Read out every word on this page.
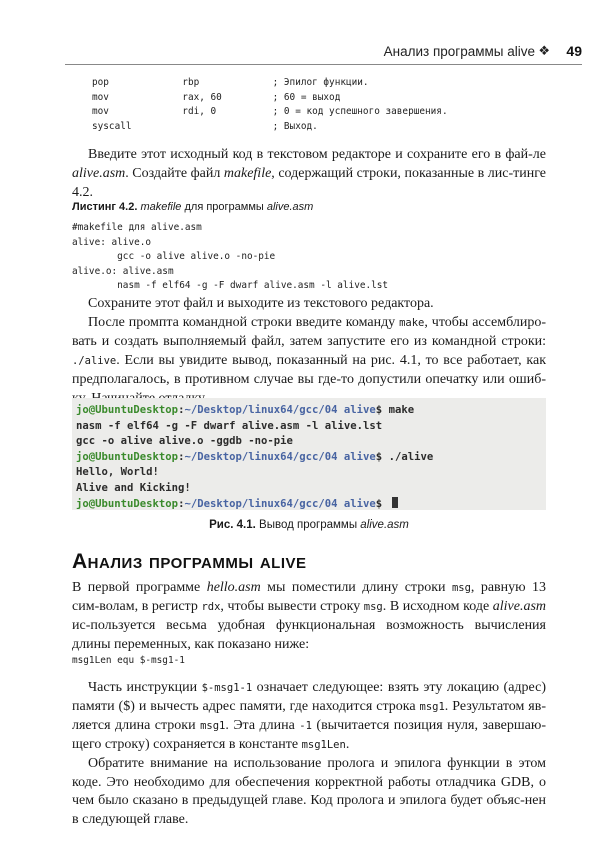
Анализ программы alive ❖ 49
pop             rbp             ; Эпилог функции.
mov             rax, 60         ; 60 = выход
mov             rdi, 0          ; 0 = код успешного завершения.
syscall                         ; Выход.
Введите этот исходный код в текстовом редакторе и сохраните его в фай-ле alive.asm. Создайте файл makefile, содержащий строки, показанные в лис-тинге 4.2.
Листинг 4.2. makefile для программы alive.asm
#makefile для alive.asm
alive: alive.o
gcc -o alive alive.o -no-pie
alive.o: alive.asm
nasm -f elf64 -g -F dwarf alive.asm -l alive.lst
Сохраните этот файл и выходите из текстового редактора.
После промпта командной строки введите команду make, чтобы ассемблиро-вать и создать выполняемый файл, затем запустите его из командной строки: ./alive. Если вы увидите вывод, показанный на рис. 4.1, то все работает, как предполагалось, в противном случае вы где-то допустили опечатку или ошиб-
jo@UbuntuDesktop:~/Desktop/linux64/gcc/04 alive$ make
nasm -f elf64 -g -F dwarf alive.asm -l alive.lst
gcc -o alive alive.o -ggdb -no-pie
jo@UbuntuDesktop:~/Desktop/linux64/gcc/04 alive$ ./alive
Hello, World!
Alive and Kicking!
jo@UbuntuDesktop:~/Desktop/linux64/gcc/04 alive$
Рис. 4.1. Вывод программы alive.asm
Анализ программы alive
В первой программе hello.asm мы поместили длину строки msg, равную 13 сим-волам, в регистр rdx, чтобы вывести строку msg. В исходном коде alive.asm ис-пользуется весьма удобная функциональная возможность вычисления длины переменных, как показано ниже:
msg1Len equ $-msg1-1
Часть инструкции $-msg1-1 означает следующее: взять эту локацию (адрес) памяти ($) и вычесть адрес памяти, где находится строка msg1. Результатом яв-ляется длина строки msg1. Эта длина -1 (вычитается позиция нуля, завершаю-щего строку) сохраняется в константе msg1Len.
Обратите внимание на использование пролога и эпилога функции в этом коде. Это необходимо для обеспечения корректной работы отладчика GDB, о чем было сказано в предыдущей главе. Код пролога и эпилога будет объяс-нен в следующей главе.
